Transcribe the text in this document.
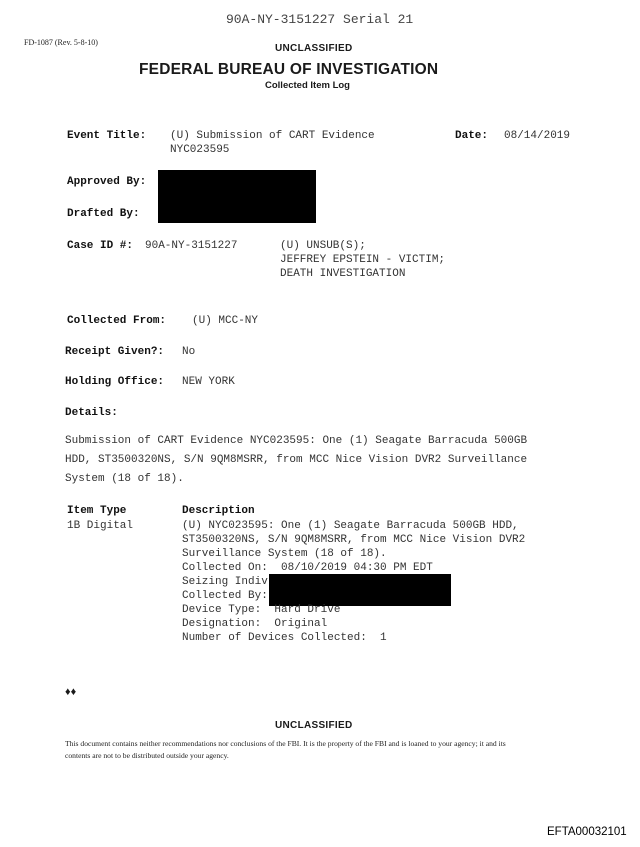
90A-NY-3151227 Serial 21
FD-1087 (Rev. 5-8-10)
UNCLASSIFIED
FEDERAL BUREAU OF INVESTIGATION
Collected Item Log
Event Title: (U) Submission of CART Evidence
NYC023595
Date: 08/14/2019
Approved By:
Drafted By:
Case ID #: 90A-NY-3151227	(U) UNSUB(S);
JEFFREY EPSTEIN - VICTIM;
DEATH INVESTIGATION
Collected From: (U) MCC-NY
Receipt Given?: No
Holding Office: NEW YORK
Details:
Submission of CART Evidence NYC023595: One (1) Seagate Barracuda 500GB
HDD, ST3500320NS, S/N 9QM8MSRR, from MCC Nice Vision DVR2 Surveillance
System (18 of 18).
Item Type	Description
1B Digital	(U) NYC023595: One (1) Seagate Barracuda 500GB HDD,
ST3500320NS, S/N 9QM8MSRR, from MCC Nice Vision DVR2
Surveillance System (18 of 18).
Collected On:  08/10/2019 04:30 PM EDT
Seizing Indiv
Collected By:
Device Type:  Hard Drive
Designation:  Original
Number of Devices Collected:  1
♦♦
UNCLASSIFIED
This document contains neither recommendations nor conclusions of the FBI. It is the property of the FBI and is loaned to your agency; it and its
contents are not to be distributed outside your agency.
EFTA00032101
